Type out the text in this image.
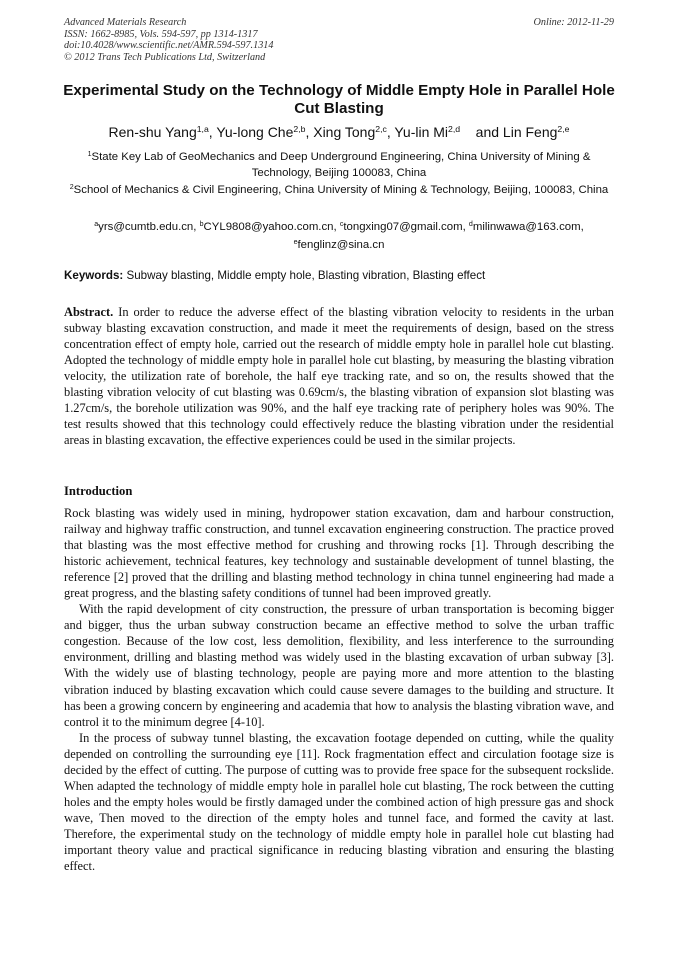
Advanced Materials Research
ISSN: 1662-8985, Vols. 594-597, pp 1314-1317
doi:10.4028/www.scientific.net/AMR.594-597.1314
© 2012 Trans Tech Publications Ltd, Switzerland
Online: 2012-11-29
Experimental Study on the Technology of Middle Empty Hole in Parallel Hole Cut Blasting
Ren-shu Yang$^{1,a}$, Yu-long Che$^{2,b}$, Xing Tong$^{2,c}$, Yu-lin Mi$^{2,d}$    and Lin Feng$^{2,e}$
$^1$State Key Lab of GeoMechanics and Deep Underground Engineering, China University of Mining & Technology, Beijing 100083, China
$^2$School of Mechanics & Civil Engineering, China University of Mining & Technology, Beijing, 100083, China
$^a$yrs@cumtb.edu.cn, $^b$CYL9808@yahoo.com.cn, $^c$tongxing07@gmail.com, $^d$milinwawa@163.com, $^e$fenglinz@sina.cn
Keywords: Subway blasting, Middle empty hole, Blasting vibration, Blasting effect

Abstract. In order to reduce the adverse effect of the blasting vibration velocity to residents in the urban subway blasting excavation construction, and made it meet the requirements of design, based on the stress concentration effect of empty hole, carried out the research of middle empty hole in parallel hole cut blasting. Adopted the technology of middle empty hole in parallel hole cut blasting, by measuring the blasting vibration velocity, the utilization rate of borehole, the half eye tracking rate, and so on, the results showed that the blasting vibration velocity of cut blasting was 0.69cm/s, the blasting vibration of expansion slot blasting was 1.27cm/s, the borehole utilization was 90%, and the half eye tracking rate of periphery holes was 90%. The test results showed that this technology could effectively reduce the blasting vibration under the residential areas in blasting excavation, the effective experiences could be used in the similar projects.

Introduction

Rock blasting was widely used in mining, hydropower station excavation, dam and harbour construction, railway and highway traffic construction, and tunnel excavation engineering construction. The practice proved that blasting was the most effective method for crushing and throwing rocks [1]. Through describing the historic achievement, technical features, key technology and sustainable development of tunnel blasting, the reference [2] proved that the drilling and blasting method technology in china tunnel engineering had made a great progress, and the blasting safety conditions of tunnel had been improved greatly.

With the rapid development of city construction, the pressure of urban transportation is becoming bigger and bigger, thus the urban subway construction became an effective method to solve the urban traffic congestion. Because of the low cost, less demolition, flexibility, and less interference to the surrounding environment, drilling and blasting method was widely used in the blasting excavation of urban subway [3]. With the widely use of blasting technology, people are paying more and more attention to the blasting vibration induced by blasting excavation which could cause severe damages to the building and structure. It has been a growing concern by engineering and academia that how to analysis the blasting vibration wave, and control it to the minimum degree [4-10].

In the process of subway tunnel blasting, the excavation footage depended on cutting, while the quality depended on controlling the surrounding eye [11]. Rock fragmentation effect and circulation footage size is decided by the effect of cutting. The purpose of cutting was to provide free space for the subsequent rockslide. When adapted the technology of middle empty hole in parallel hole cut blasting, The rock between the cutting holes and the empty holes would be firstly damaged under the combined action of high pressure gas and shock wave, Then moved to the direction of the empty holes and tunnel face, and formed the cavity at last. Therefore, the experimental study on the technology of middle empty hole in parallel hole cut blasting had important theory value and practical significance in reducing blasting vibration and ensuring the blasting effect.
